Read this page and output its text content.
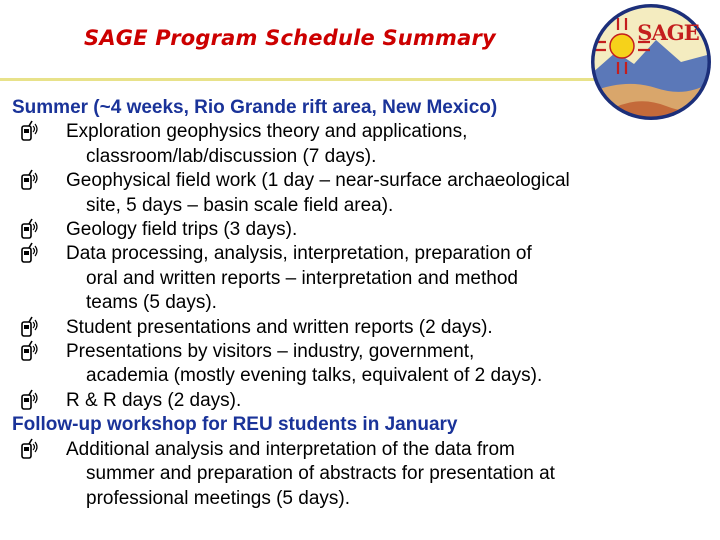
SAGE Program Schedule Summary	SAGE
Summer (~4 weeks, Rio Grande rift area, New Mexico)
Exploration geophysics theory and applications,
classroom/lab/discussion (7 days).
Geophysical field work (1 day – near-surface archaeological
site, 5 days – basin scale field area).
Geology field trips (3 days).
Data processing, analysis, interpretation, preparation of
oral and written reports – interpretation and method
teams (5 days).
Student presentations and written reports (2 days).
Presentations by visitors – industry, government,
academia (mostly evening talks, equivalent of 2 days).
R & R days (2 days).
Follow-up workshop for REU students in January
Additional analysis and interpretation of the data from
summer and preparation of abstracts for presentation at
professional meetings (5 days).
